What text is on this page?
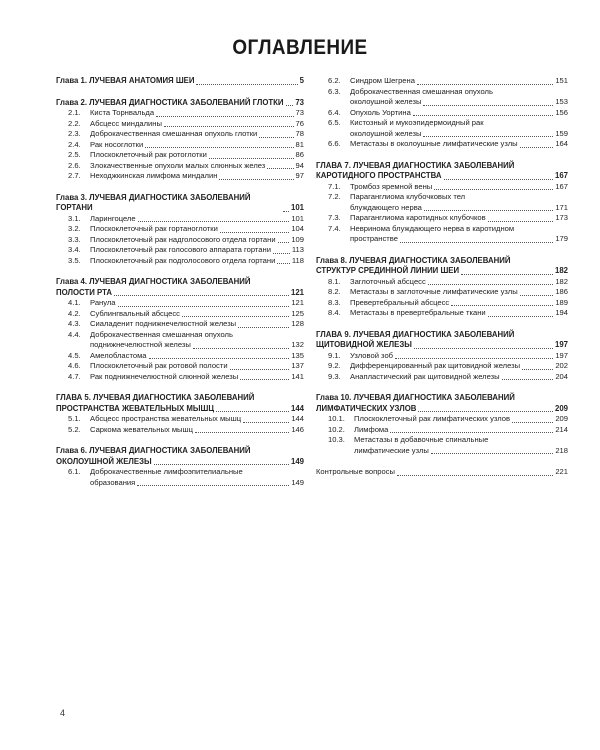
ОГЛАВЛЕНИЕ
Глава 1. ЛУЧЕВАЯ АНАТОМИЯ ШЕИ	5
Глава 2. ЛУЧЕВАЯ ДИАГНОСТИКА ЗАБОЛЕВАНИЙ ГЛОТКИ 73
2.1.	Киста Торнвальда	73
2.2.	Абсцесс миндалины	76
2.3.	Доброкачественная смешанная опухоль глотки	78
2.4.	Рак носоглотки	81
2.5.	Плоскоклеточный рак ротоглотки	86
2.6.	Злокачественные опухоли малых слюнных желез	94
2.7.	Неходжкинская лимфома миндалин	97
Глава 3. ЛУЧЕВАЯ ДИАГНОСТИКА ЗАБОЛЕВАНИЙ ГОРТАНИ	101
3.1.	Ларингоцеле	101
3.2.	Плоскоклеточный рак гортаноглотки	104
3.3.	Плоскоклеточный рак надголосового отдела гортани 109
3.4.	Плоскоклеточный рак голосового аппарата гортани	113
3.5.	Плоскоклеточный рак подголосового отдела гортани 118
Глава 4. ЛУЧЕВАЯ ДИАГНОСТИКА ЗАБОЛЕВАНИЙ
ПОЛОСТИ РТА	121
4.1.	Ранула	121
4.2.	Сублингвальный абсцесс	125
4.3.	Сиаладенит поднижнечелюстной железы	128
4.4.	Доброкачественная смешанная опухоль
поднижнечелюстной железы	132
4.5.	Амелобластома	135
4.6.	Плоскоклеточный рак ротовой полости	137
4.7.	Рак поднижнечелюстной слюнной железы	141
ГЛАВА 5. ЛУЧЕВАЯ ДИАГНОСТИКА ЗАБОЛЕВАНИЙ
ПРОСТРАНСТВА ЖЕВАТЕЛЬНЫХ МЫШЦ	144
5.1.	Абсцесс пространства жевательных мышц	144
5.2.	Саркома жевательных мышц	146
Глава 6. ЛУЧЕВАЯ ДИАГНОСТИКА ЗАБОЛЕВАНИЙ
ОКОЛОУШНОЙ ЖЕЛЕЗЫ	149
6.1.	Доброкачественные лимфоэпителиальные
образования	149
6.2.	Синдром Шегрена	151
6.3.	Доброкачественная смешанная опухоль
околоушной железы	153
6.4.	Опухоль Уортина	156
6.5.	Кистозный и мукоэпидермоидный рак
околоушной железы	159
6.6.	Метастазы в околоушные лимфатические узлы	164
ГЛАВА 7. ЛУЧЕВАЯ ДИАГНОСТИКА ЗАБОЛЕВАНИЙ
КАРОТИДНОГО ПРОСТРАНСТВА	167
7.1.	Тромбоз яремной вены	167
7.2.	Параганглиома клубочковых тел
блуждающего нерва	171
7.3.	Параганглиома каротидных клубочков	173
7.4.	Невринома блуждающего нерва в каротидном
пространстве	179
Глава 8. ЛУЧЕВАЯ ДИАГНОСТИКА ЗАБОЛЕВАНИЙ
СТРУКТУР СРЕДИННОЙ ЛИНИИ ШЕИ	182
8.1.	Заглоточный абсцесс	182
8.2.	Метастазы в заглоточные лимфатические узлы	186
8.3.	Превертебральный абсцесс	189
8.4.	Метастазы в превертебральные ткани	194
ГЛАВА 9. ЛУЧЕВАЯ ДИАГНОСТИКА ЗАБОЛЕВАНИЙ
ЩИТОВИДНОЙ ЖЕЛЕЗЫ	197
9.1.	Узловой зоб	197
9.2.	Дифференцированный рак щитовидной железы	202
9.3.	Анапластический рак щитовидной железы	204
Глава 10. ЛУЧЕВАЯ ДИАГНОСТИКА ЗАБОЛЕВАНИЙ
ЛИМФАТИЧЕСКИХ УЗЛОВ	209
10.1.	Плоскоклеточный рак лимфатических узлов	209
10.2.	Лимфома	214
10.3.	Метастазы в добавочные спинальные
лимфатические узлы	218
Контрольные вопросы	221
4
